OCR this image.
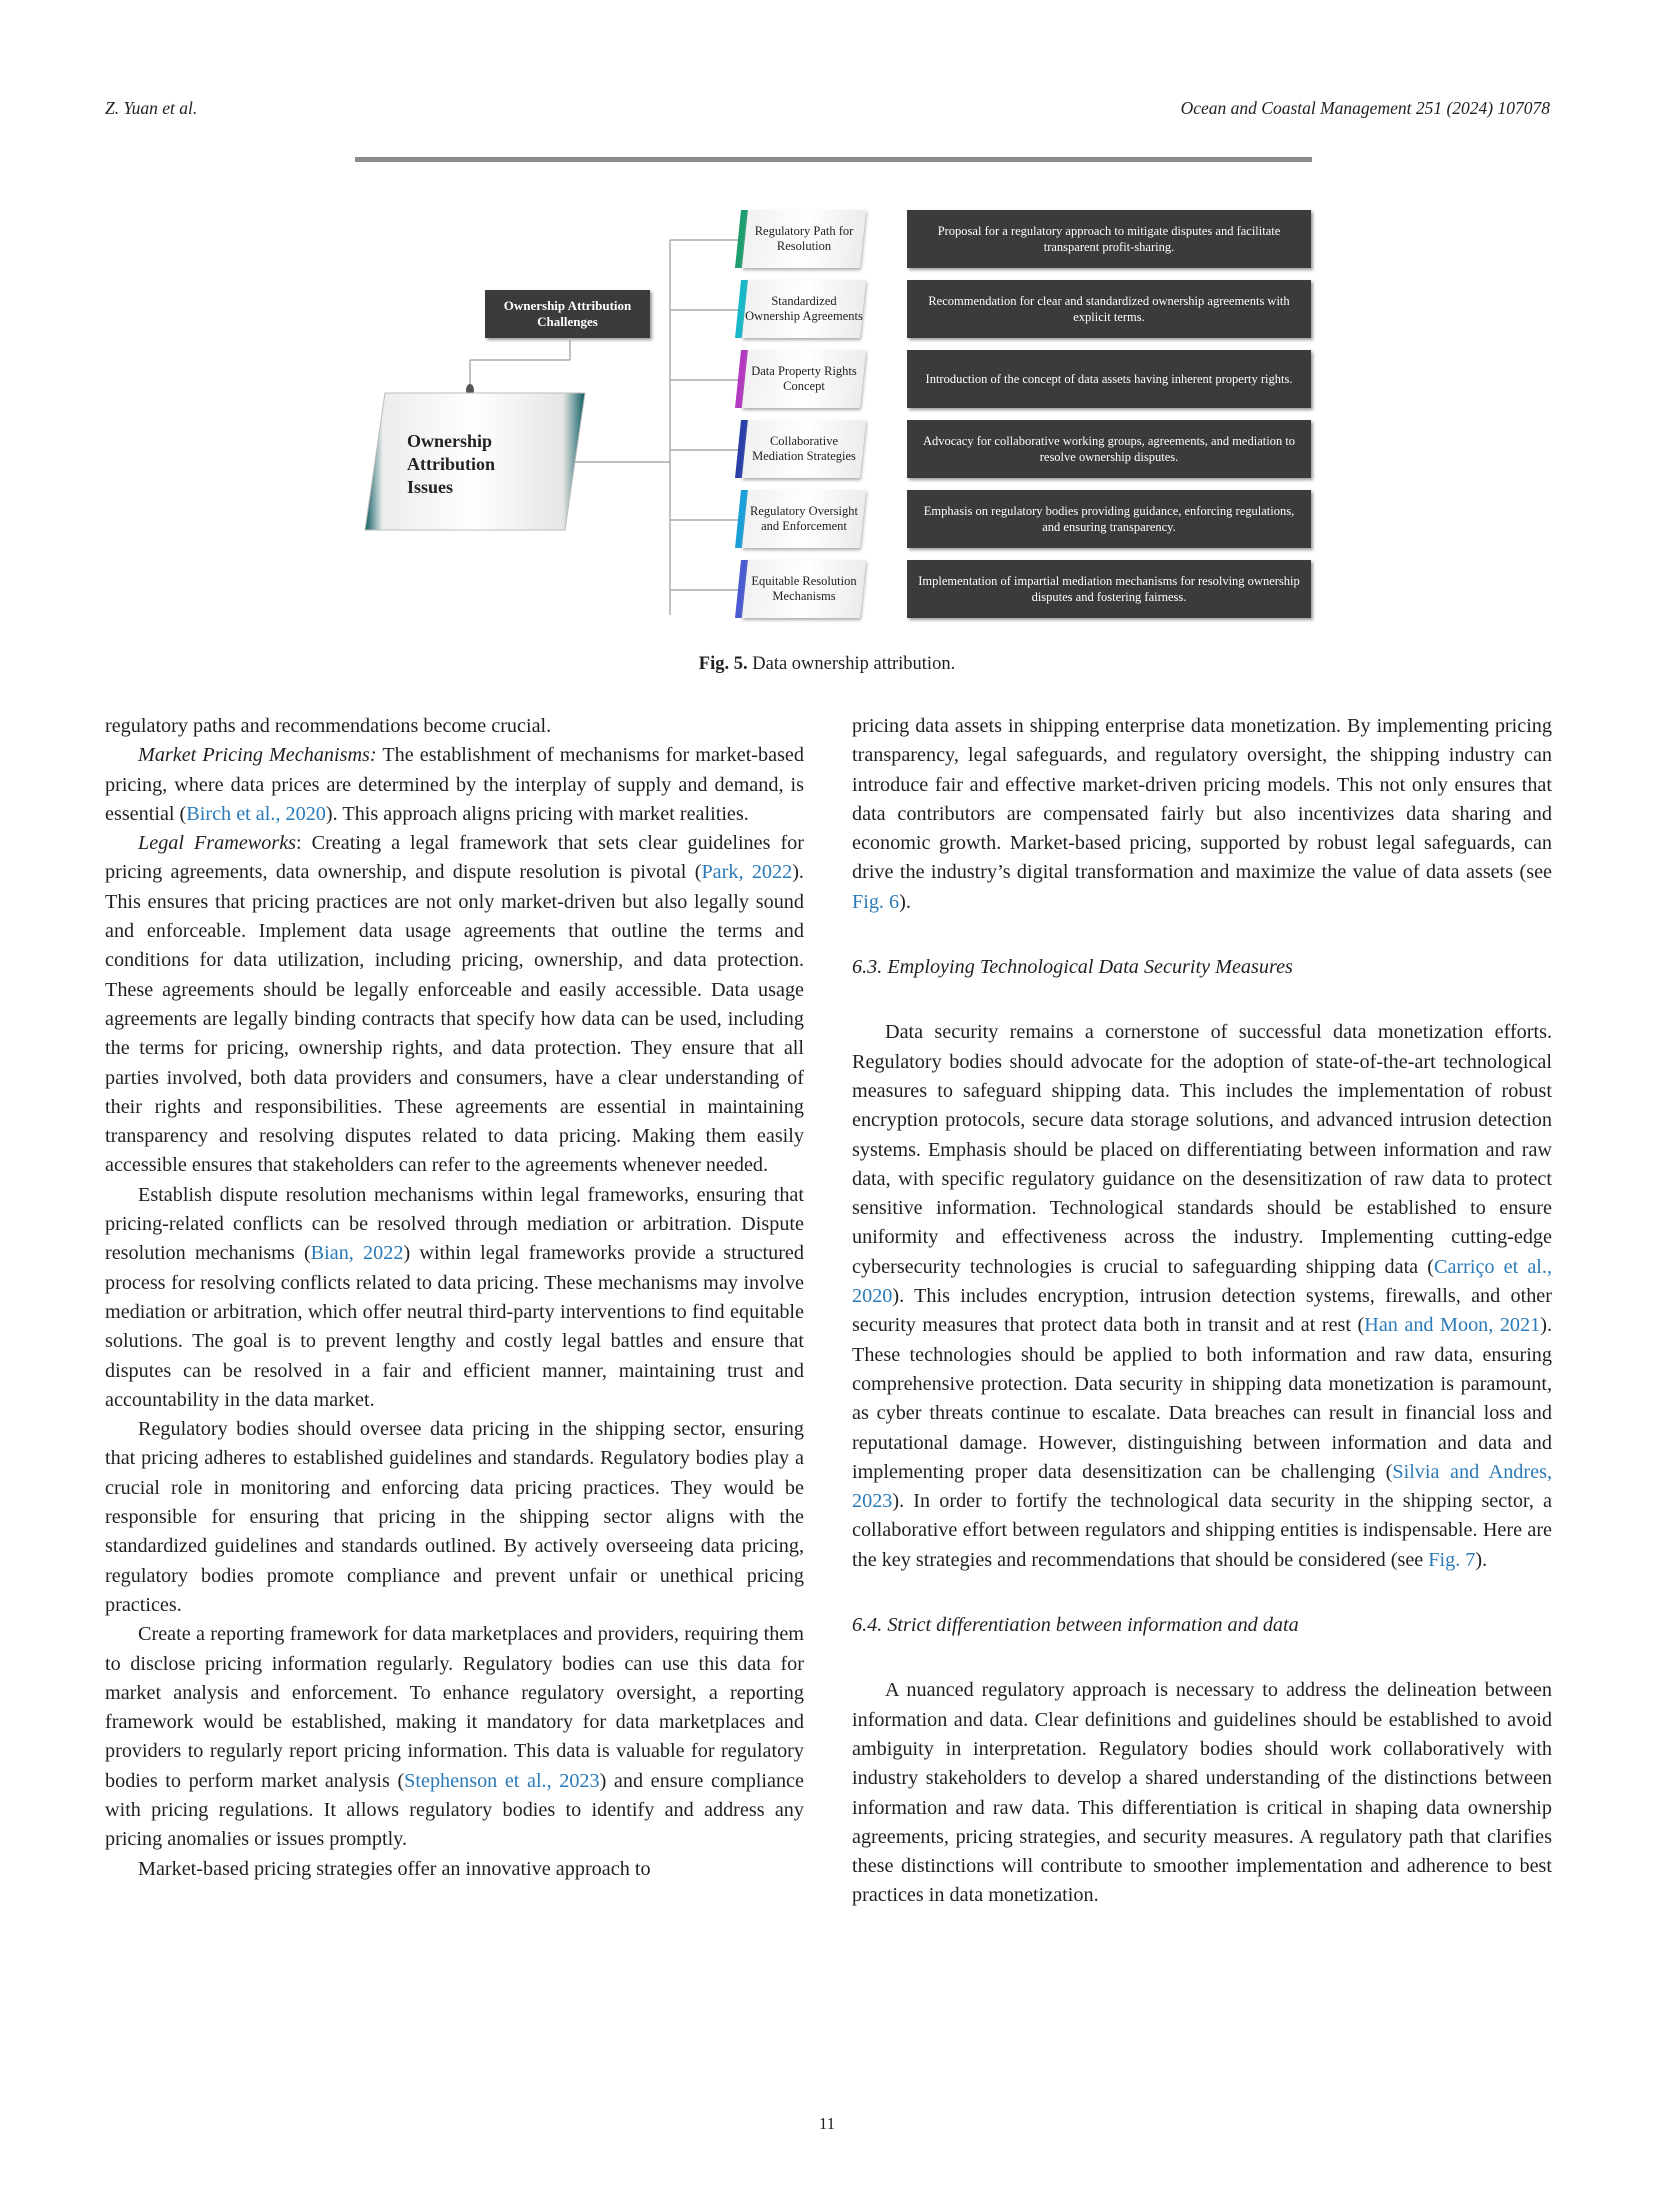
Z. Yuan et al.	Ocean and Coastal Management 251 (2024) 107078
Ownership Attribution Challenges
Ownership
Attribution
Issues
Regulatory Path for Resolution
Proposal for a regulatory approach to mitigate disputes and facilitate transparent profit-sharing.
Standardized Ownership Agreements
Recommendation for clear and standardized ownership agreements with explicit terms.
Data Property Rights Concept	Introduction of the concept of data assets having inherent property rights.
Collaborative Mediation Strategies
Advocacy for collaborative working groups, agreements, and mediation to resolve ownership disputes.
Regulatory Oversight and Enforcement
Emphasis on regulatory bodies providing guidance, enforcing regulations, and ensuring transparency.
Equitable Resolution Mechanisms
Implementation of impartial mediation mechanisms for resolving ownership disputes and fostering fairness.
Fig. 5. Data ownership attribution.

regulatory paths and recommendations become crucial.

Market Pricing Mechanisms: The establishment of mechanisms for market-based pricing, where data prices are determined by the interplay of supply and demand, is essential (Birch et al., 2020). This approach aligns pricing with market realities.

Legal Frameworks: Creating a legal framework that sets clear guidelines for pricing agreements, data ownership, and dispute resolution is pivotal (Park, 2022). This ensures that pricing practices are not only market-driven but also legally sound and enforceable. Implement data usage agreements that outline the terms and conditions for data utilization, including pricing, ownership, and data protection. These agreements should be legally enforceable and easily accessible. Data usage agreements are legally binding contracts that specify how data can be used, including the terms for pricing, ownership rights, and data protection. They ensure that all parties involved, both data providers and consumers, have a clear understanding of their rights and responsibilities. These agreements are essential in maintaining transparency and resolving disputes related to data pricing. Making them easily accessible ensures that stakeholders can refer to the agreements whenever needed.

Establish dispute resolution mechanisms within legal frameworks, ensuring that pricing-related conflicts can be resolved through mediation or arbitration. Dispute resolution mechanisms (Bian, 2022) within legal frameworks provide a structured process for resolving conflicts related to data pricing. These mechanisms may involve mediation or arbitration, which offer neutral third-party interventions to find equitable solutions. The goal is to prevent lengthy and costly legal battles and ensure that disputes can be resolved in a fair and efficient manner, maintaining trust and accountability in the data market.

Regulatory bodies should oversee data pricing in the shipping sector, ensuring that pricing adheres to established guidelines and standards. Regulatory bodies play a crucial role in monitoring and enforcing data pricing practices. They would be responsible for ensuring that pricing in the shipping sector aligns with the standardized guidelines and standards outlined. By actively overseeing data pricing, regulatory bodies promote compliance and prevent unfair or unethical pricing practices.

Create a reporting framework for data marketplaces and providers, requiring them to disclose pricing information regularly. Regulatory bodies can use this data for market analysis and enforcement. To enhance regulatory oversight, a reporting framework would be established, making it mandatory for data marketplaces and providers to regularly report pricing information. This data is valuable for regulatory bodies to perform market analysis (Stephenson et al., 2023) and ensure compliance with pricing regulations. It allows regulatory bodies to identify and address any pricing anomalies or issues promptly.

Market-based pricing strategies offer an innovative approach to

pricing data assets in shipping enterprise data monetization. By implementing pricing transparency, legal safeguards, and regulatory oversight, the shipping industry can introduce fair and effective market-driven pricing models. This not only ensures that data contributors are compensated fairly but also incentivizes data sharing and economic growth. Market-based pricing, supported by robust legal safeguards, can drive the industry’s digital transformation and maximize the value of data assets (see Fig. 6).

6.3. Employing Technological Data Security Measures

Data security remains a cornerstone of successful data monetization efforts. Regulatory bodies should advocate for the adoption of state-of-the-art technological measures to safeguard shipping data. This includes the implementation of robust encryption protocols, secure data storage solutions, and advanced intrusion detection systems. Emphasis should be placed on differentiating between information and raw data, with specific regulatory guidance on the desensitization of raw data to protect sensitive information. Technological standards should be established to ensure uniformity and effectiveness across the industry. Implementing cutting-edge cybersecurity technologies is crucial to safeguarding shipping data (Carriço et al., 2020). This includes encryption, intrusion detection systems, firewalls, and other security measures that protect data both in transit and at rest (Han and Moon, 2021). These technologies should be applied to both information and raw data, ensuring comprehensive protection. Data security in shipping data monetization is paramount, as cyber threats continue to escalate. Data breaches can result in financial loss and reputational damage. However, distinguishing between information and data and implementing proper data desensitization can be challenging (Silvia and Andres, 2023). In order to fortify the technological data security in the shipping sector, a collaborative effort between regulators and shipping entities is indispensable. Here are the key strategies and recommendations that should be considered (see Fig. 7).

6.4. Strict differentiation between information and data

A nuanced regulatory approach is necessary to address the delineation between information and data. Clear definitions and guidelines should be established to avoid ambiguity in interpretation. Regulatory bodies should work collaboratively with industry stakeholders to develop a shared understanding of the distinctions between information and raw data. This differentiation is critical in shaping data ownership agreements, pricing strategies, and security measures. A regulatory path that clarifies these distinctions will contribute to smoother implementation and adherence to best practices in data monetization.

11
